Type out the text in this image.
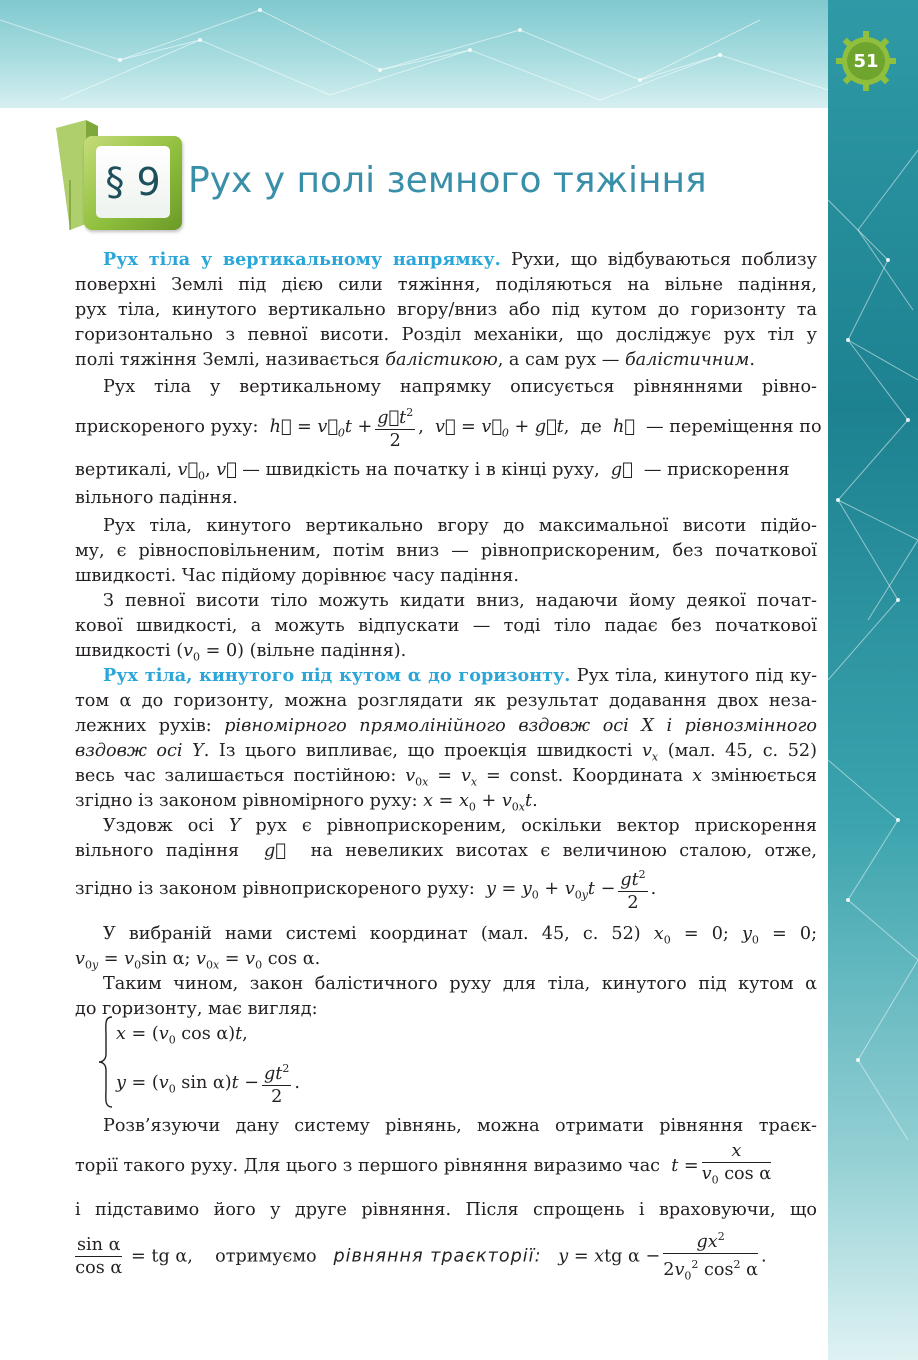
51
§ 9 Рух у полі земного тяжіння
Рух тіла у вертикальному напрямку. Рухи, що відбуваються поблизу
поверхні Землі під дією сили тяжіння, поділяються на вільне падіння,
рух тіла, кинутого вертикально вгору/вниз або під кутом до горизонту та
горизонтально з певної висоти. Розділ механіки, що досліджує рух тіл у
полі тяжіння Землі, називається балістикою, а сам рух — балістичним.
Рух тіла у вертикальному напрямку описується рівняннями рівно-
прискореного руху: h⃗ = $v⃗_0t + \frac{g⃗t^2}{2}$ ,  v⃗ = $v⃗_0$ + g⃗t,  де h⃗ — переміщення по
вертикалі, $v⃗_0$, v⃗ — швидкість на початку і в кінці руху, g⃗ — прискорення
вільного падіння.
Рух тіла, кинутого вертикально вгору до максимальної висоти підйо-
му, є рівносповільненим, потім вниз — рівноприскореним, без початкової
швидкості. Час підйому дорівнює часу падіння.
З певної висоти тіло можуть кидати вниз, надаючи йому деякої почат-
кової швидкості, а можуть відпускати — тоді тіло падає без початкової
швидкості $(v_0 = 0)$ (вільне падіння).
Рух тіла, кинутого під кутом α до горизонту. Рух тіла, кинутого під ку-
том α до горизонту, можна розглядати як результат додавання двох неза-
лежних рухів: рівномірного прямолінійного вздовж осі X і рівнозмінного
вздовж осі Y. Із цього випливає, що проекція швидкості $v_x$ (мал. 45, с. 52)
весь час залишається постійною: $v_{0x} = v_x$ = const. Координата x змінюється
згідно із законом рівномірного руху: $x = x_0 + v_{0x}t$.
Уздовж осі Y рух є рівноприскореним, оскільки вектор прискорення
вільного падіння g⃗ на невеликих висотах є величиною сталою, отже,
згідно із законом рівноприскореного руху: $y = y_0 + v_{0y}t - \frac{gt^2}{2}$ .
У вибраній нами системі координат (мал. 45, с. 52) $x_0 = 0$; $y_0 = 0$;
$v_{0y} = v_0\sin$ α; $v_{0x} = v_0$ cos α.
Таким чином, закон балістичного руху для тіла, кинутого під кутом α
до горизонту, має вигляд:
$x = (v_0$ cos α)t,
$y = (v_0$ $\sin \alpha)t - \frac{gt^2}{2}$ .
Розв’язуючи дану систему рівнянь, можна отримати рівняння траєк-
торії такого руху. Для цього з першого рівняння виразимо час $t = \frac{x}{v_0 \cos \alpha}$
і підставимо його у друге рівняння. Після спрощень і враховуючи, що
$\frac{\text{sin α}}{\text{cos α}}$ = tg α,    отримуємо рівняння траєкторії: y = xtg $\alpha - \frac{gx^2}{2v_0^2 \cos^2 \alpha}$ .
